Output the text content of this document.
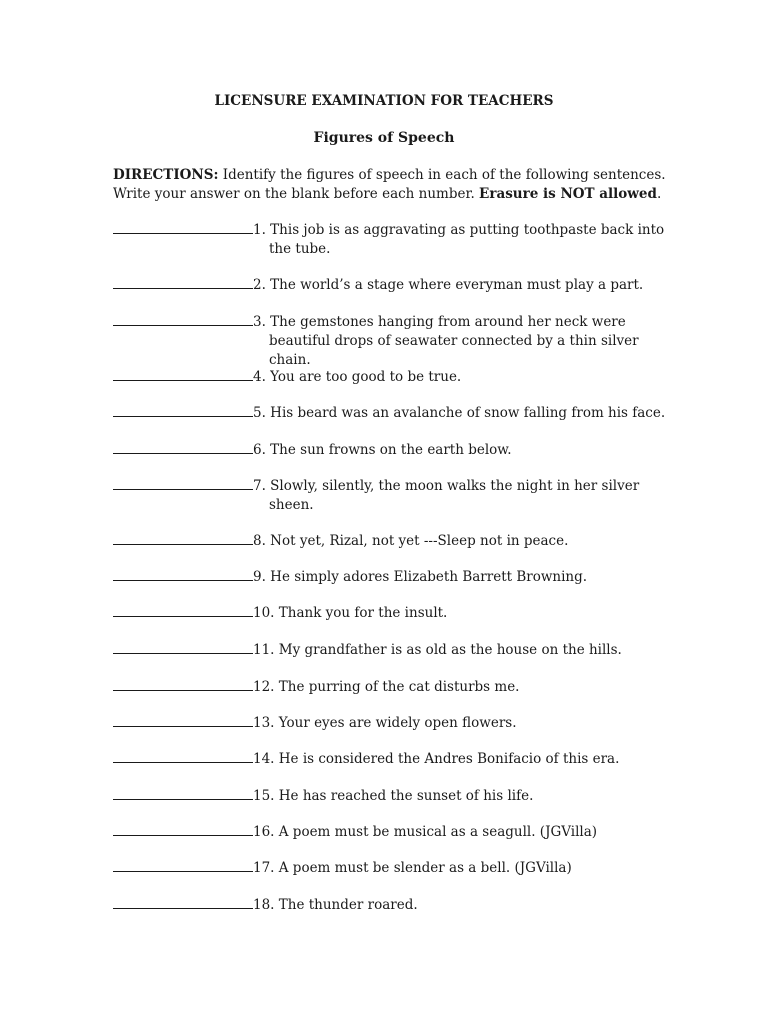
LICENSURE EXAMINATION FOR TEACHERS
Figures of Speech
DIRECTIONS: Identify the figures of speech in each of the following sentences. Write your answer on the blank before each number. Erasure is NOT allowed.
1. This job is as aggravating as putting toothpaste back into
the tube.
2. The world’s a stage where everyman must play a part.
3. The gemstones hanging from around her neck were
beautiful drops of seawater connected by a thin silver chain.
4. You are too good to be true.
5. His beard was an avalanche of snow falling from his face.
6. The sun frowns on the earth below.
7. Slowly, silently, the moon walks the night in her silver
sheen.
8. Not yet, Rizal, not yet ---Sleep not in peace.
9. He simply adores Elizabeth Barrett Browning.
10. Thank you for the insult.
11. My grandfather is as old as the house on the hills.
12. The purring of the cat disturbs me.
13. Your eyes are widely open flowers.
14. He is considered the Andres Bonifacio of this era.
15. He has reached the sunset of his life.
16. A poem must be musical as a seagull. (JGVilla)
17. A poem must be slender as a bell. (JGVilla)
18. The thunder roared.
